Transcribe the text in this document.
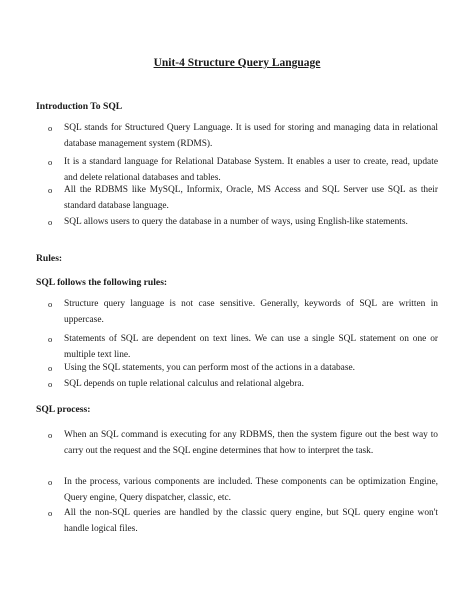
Unit-4 Structure Query Language
Introduction To SQL
o SQL stands for Structured Query Language. It is used for storing and managing data in relational database management system (RDMS).
o It is a standard language for Relational Database System. It enables a user to create, read, update and delete relational databases and tables.
o All the RDBMS like MySQL, Informix, Oracle, MS Access and SQL Server use SQL as their standard database language.
o SQL allows users to query the database in a number of ways, using English-like statements.
Rules:
SQL follows the following rules:
o Structure query language is not case sensitive. Generally, keywords of SQL are written in uppercase.
o Statements of SQL are dependent on text lines. We can use a single SQL statement on one or multiple text line.
o Using the SQL statements, you can perform most of the actions in a database.
o SQL depends on tuple relational calculus and relational algebra.
SQL process:
o When an SQL command is executing for any RDBMS, then the system figure out the best way to carry out the request and the SQL engine determines that how to interpret the task.
o In the process, various components are included. These components can be optimization Engine, Query engine, Query dispatcher, classic, etc.
o All the non-SQL queries are handled by the classic query engine, but SQL query engine won't handle logical files.
